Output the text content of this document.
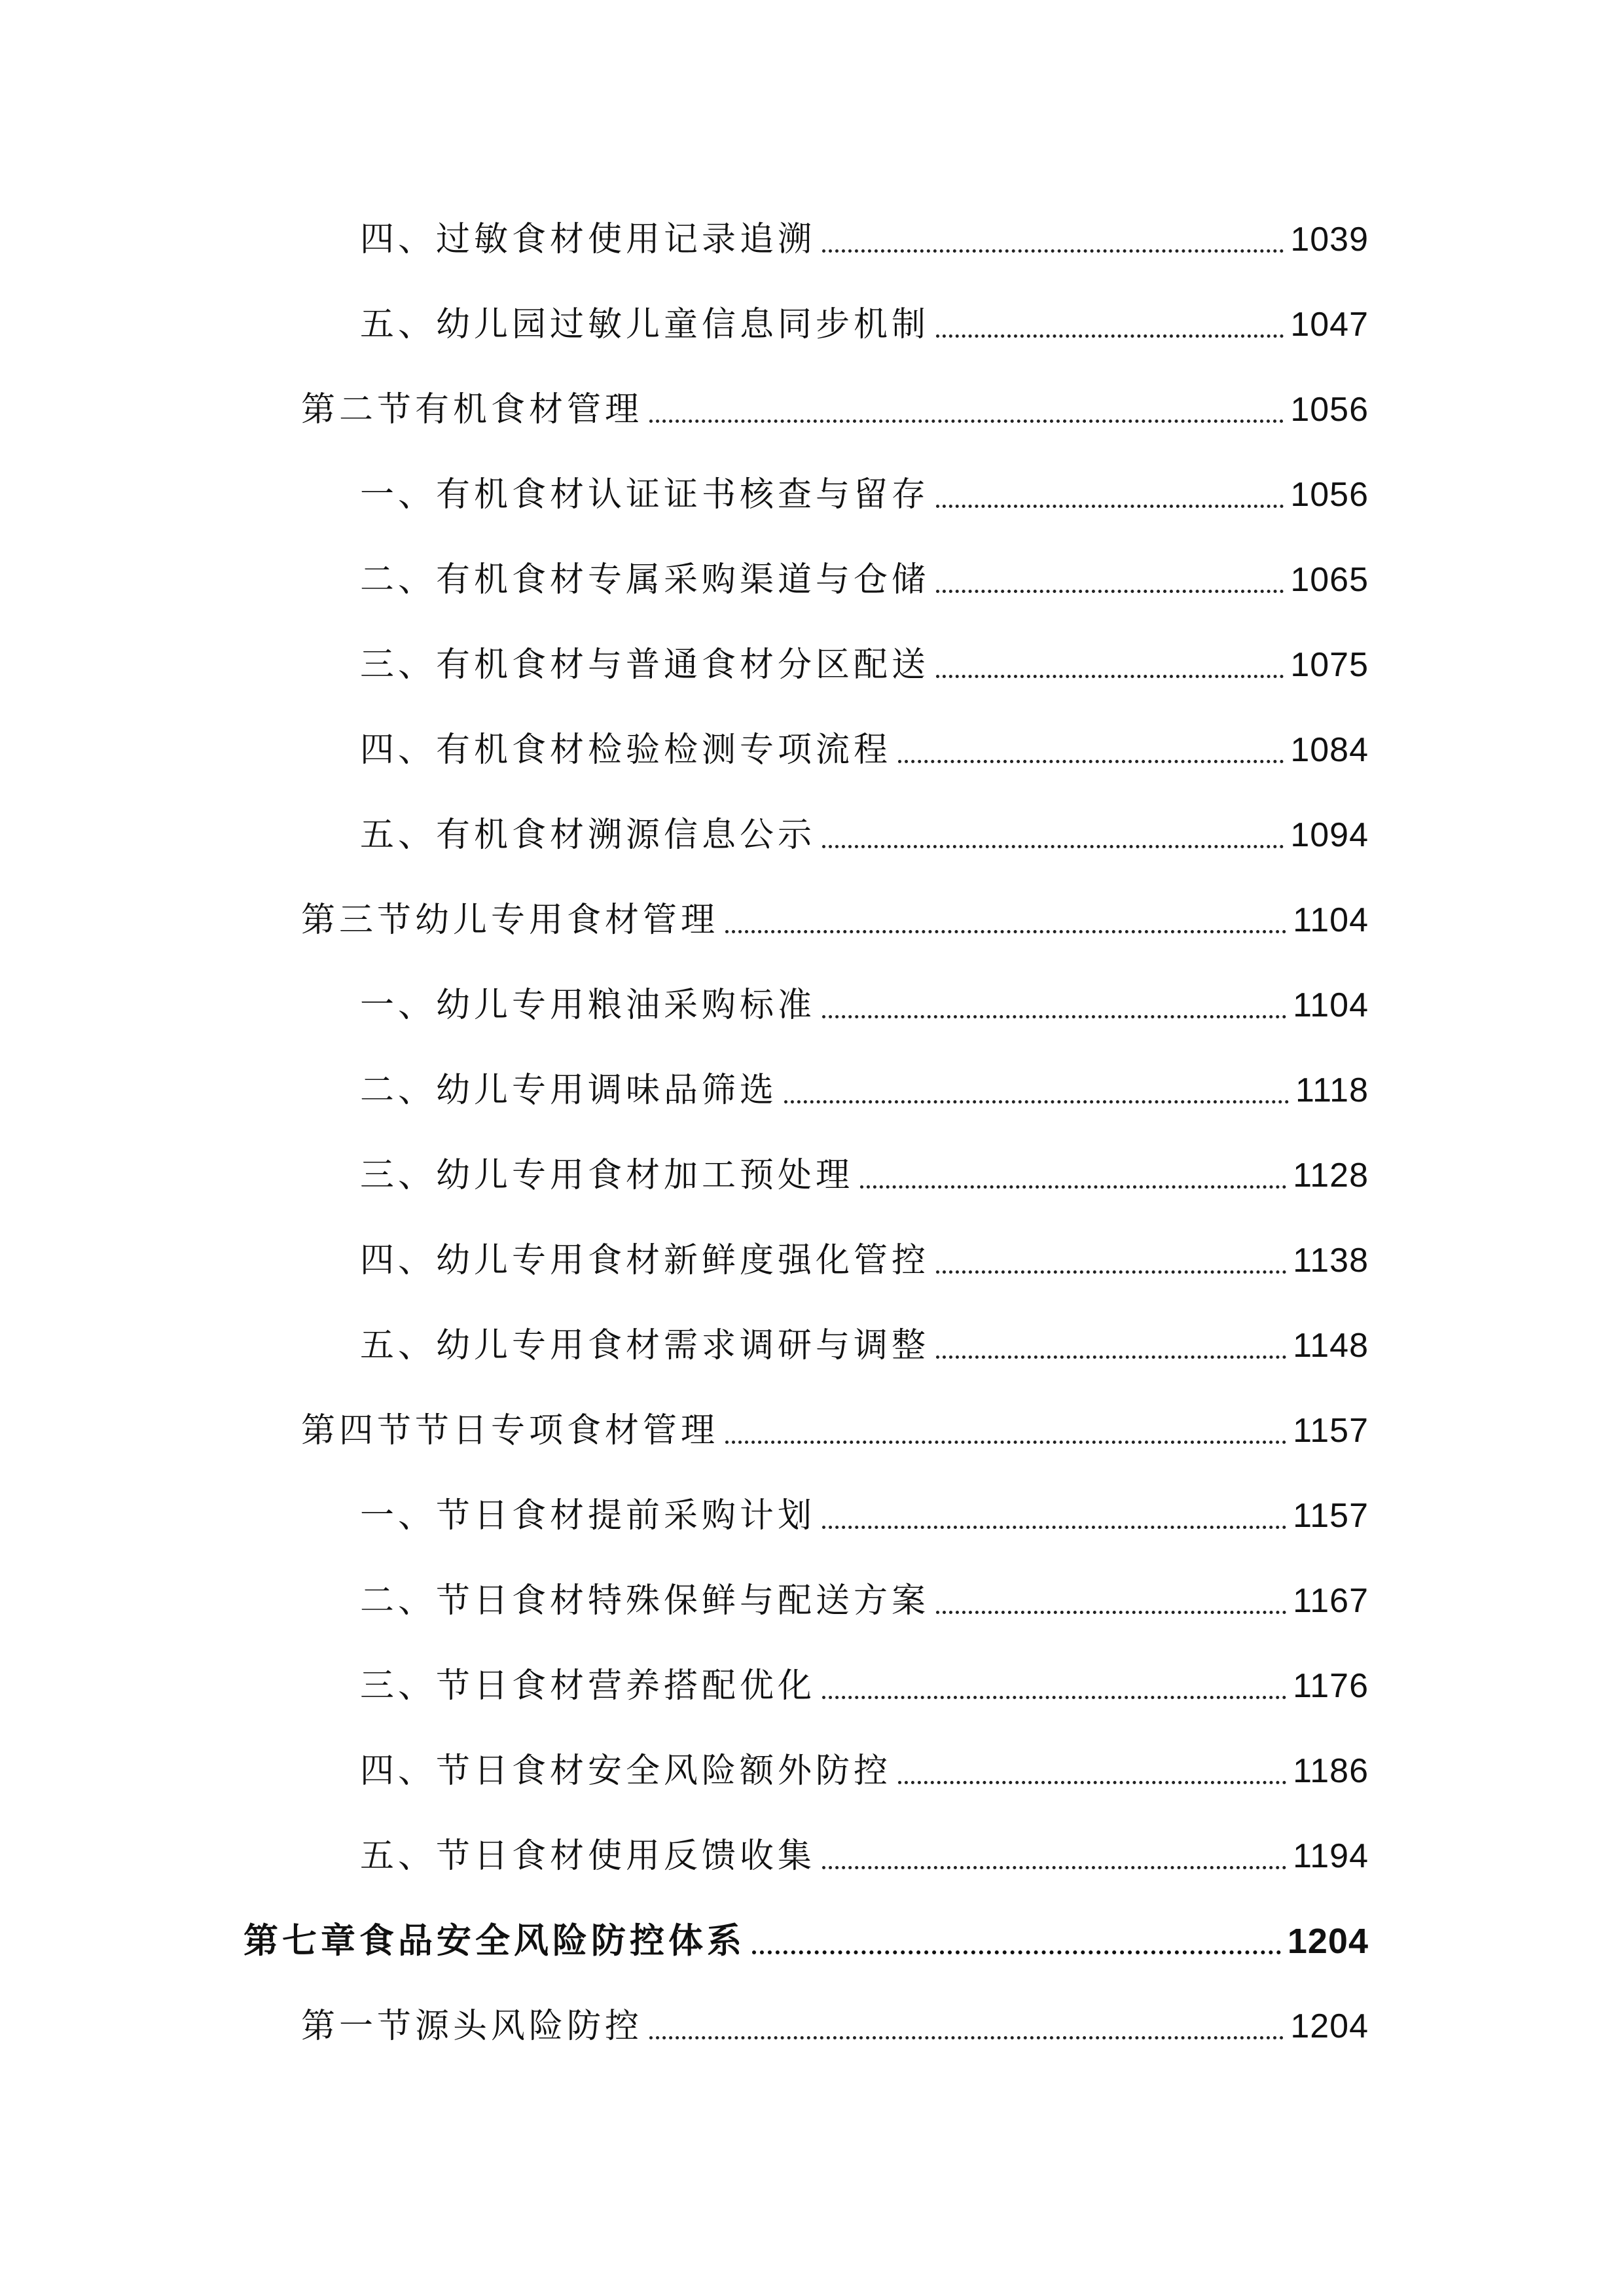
四、过敏食材使用记录追溯	1039
五、幼儿园过敏儿童信息同步机制	1047
第二节有机食材管理	1056
一、有机食材认证证书核查与留存	1056
二、有机食材专属采购渠道与仓储	1065
三、有机食材与普通食材分区配送	1075
四、有机食材检验检测专项流程	1084
五、有机食材溯源信息公示	1094
第三节幼儿专用食材管理	1104
一、幼儿专用粮油采购标准	1104
二、幼儿专用调味品筛选	1118
三、幼儿专用食材加工预处理	1128
四、幼儿专用食材新鲜度强化管控	1138
五、幼儿专用食材需求调研与调整	1148
第四节节日专项食材管理	1157
一、节日食材提前采购计划	1157
二、节日食材特殊保鲜与配送方案	1167
三、节日食材营养搭配优化	1176
四、节日食材安全风险额外防控	1186
五、节日食材使用反馈收集	1194
第七章食品安全风险防控体系	1204
第一节源头风险防控	1204
